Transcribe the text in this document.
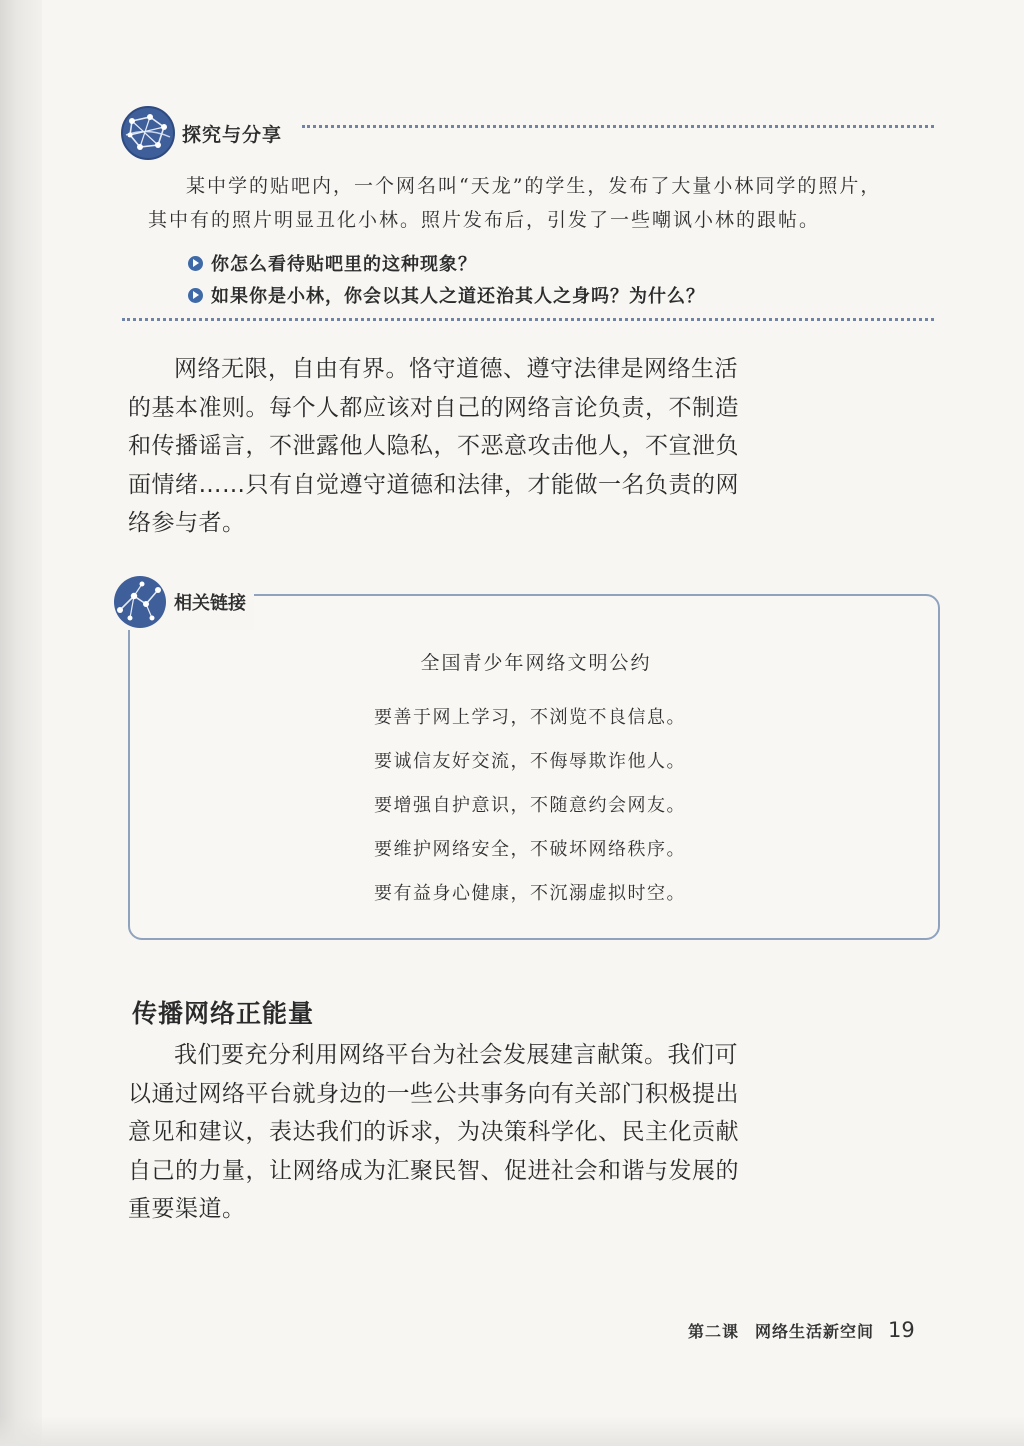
探究与分享

某中学的贴吧内，一个网名叫“天龙”的学生，发布了大量小林同学的照片，

其中有的照片明显丑化小林。照片发布后，引发了一些嘲讽小林的跟帖。

你怎么看待贴吧里的这种现象？
如果你是小林，你会以其人之道还治其人之身吗？为什么？
网络无限，自由有界。恪守道德、遵守法律是网络生活
的基本准则。每个人都应该对自己的网络言论负责，不制造
和传播谣言，不泄露他人隐私，不恶意攻击他人，不宣泄负
面情绪……只有自觉遵守道德和法律，才能做一名负责的网
络参与者。
全国青少年网络文明公约
要善于网上学习，不浏览不良信息。
要诚信友好交流，不侮辱欺诈他人。
要增强自护意识，不随意约会网友。
要维护网络安全，不破坏网络秩序。
要有益身心健康，不沉溺虚拟时空。
相关链接
传播网络正能量
我们要充分利用网络平台为社会发展建言献策。我们可
以通过网络平台就身边的一些公共事务向有关部门积极提出
意见和建议，表达我们的诉求，为决策科学化、民主化贡献
自己的力量，让网络成为汇聚民智、促进社会和谐与发展的
重要渠道。
第二课 网络生活新空间 19
